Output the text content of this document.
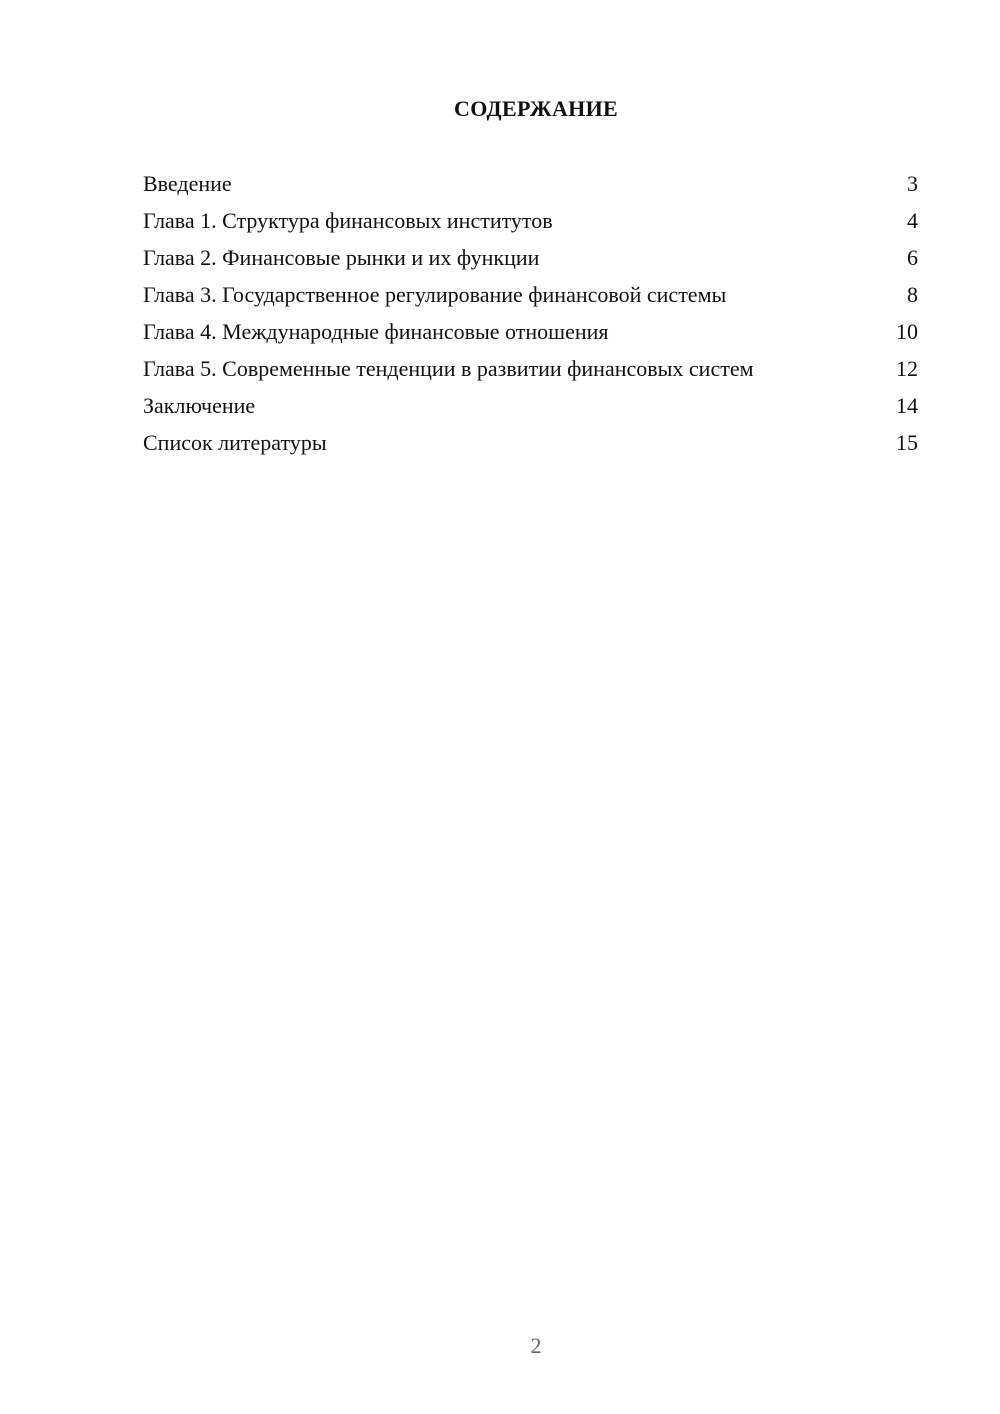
СОДЕРЖАНИЕ
Введение	3
Глава 1. Структура финансовых институтов	4
Глава 2. Финансовые рынки и их функции	6
Глава 3. Государственное регулирование финансовой системы	8
Глава 4. Международные финансовые отношения	10
Глава 5. Современные тенденции в развитии финансовых систем	12
Заключение	14
Список литературы	15
2
